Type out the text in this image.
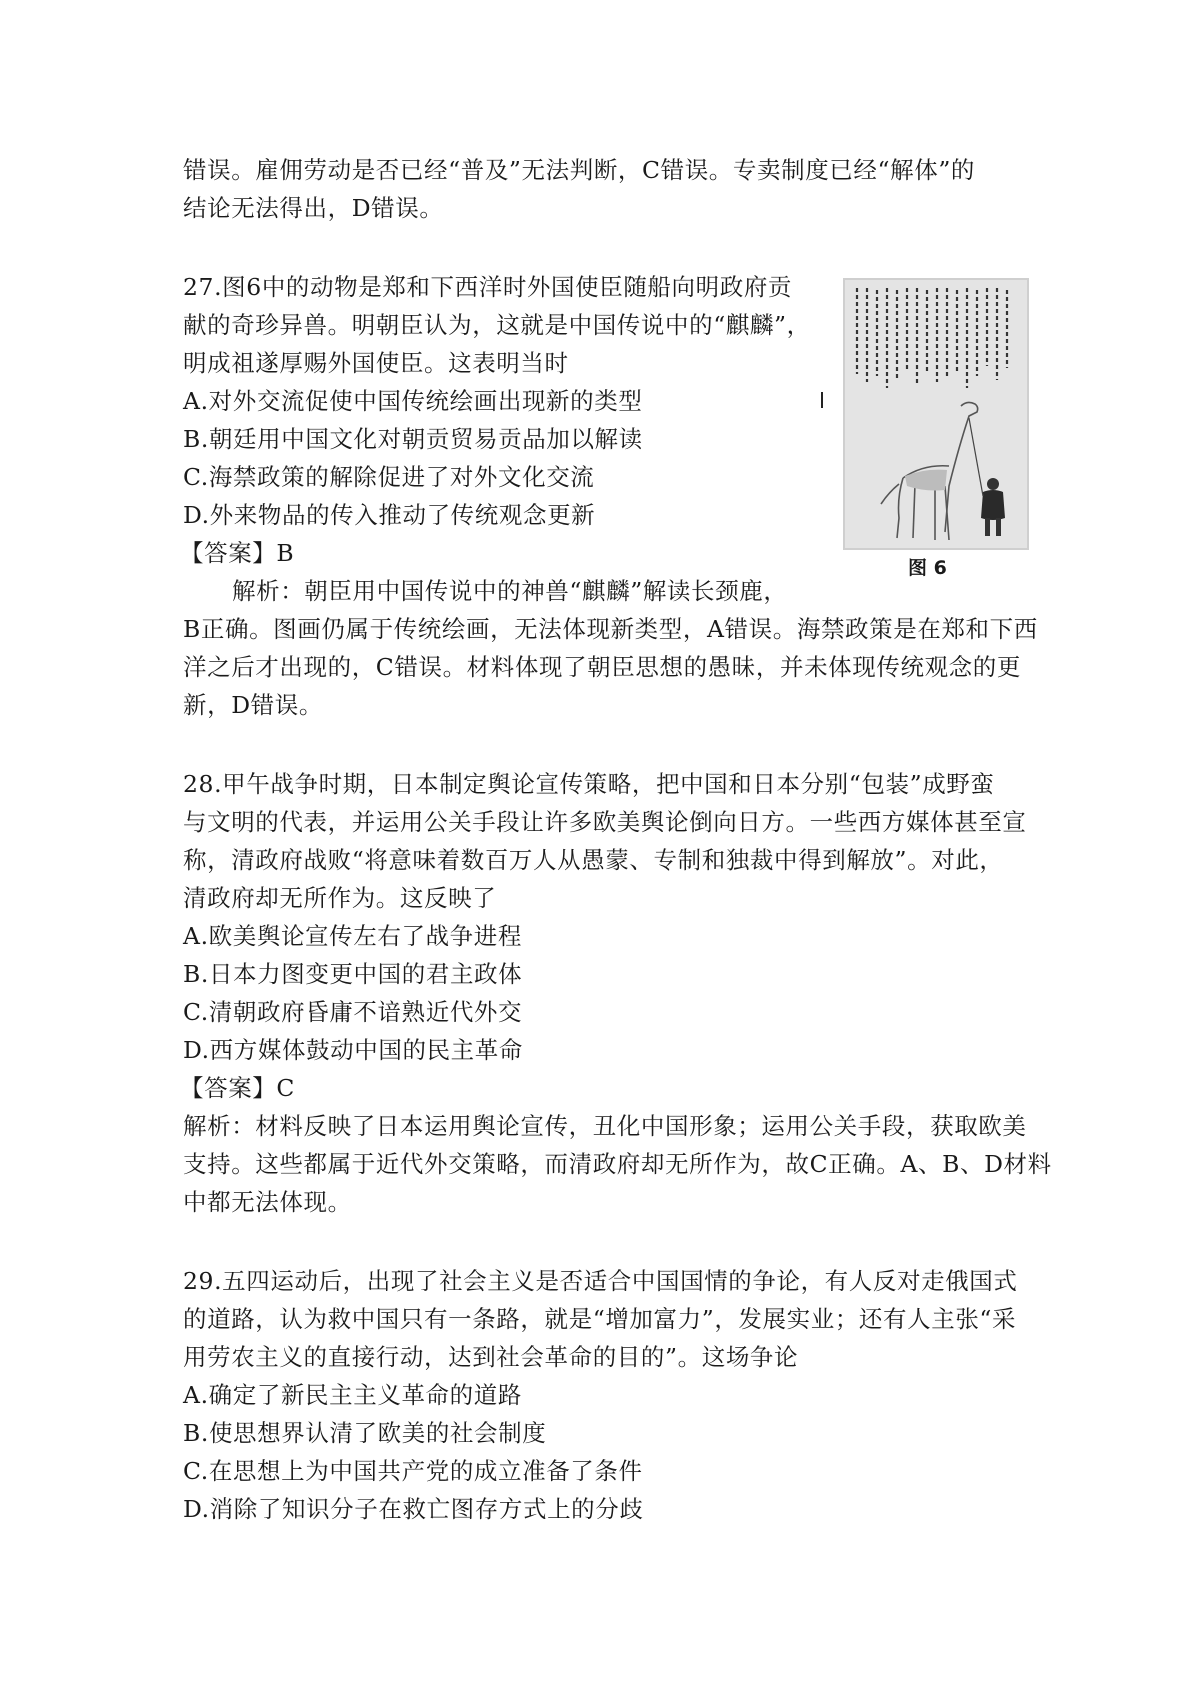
错误。雇佣劳动是否已经“普及”无法判断，C错误。专卖制度已经“解体”的
结论无法得出，D错误。
27.图6中的动物是郑和下西洋时外国使臣随船向明政府贡
献的奇珍异兽。明朝臣认为，这就是中国传说中的“麒麟”，
明成祖遂厚赐外国使臣。这表明当时
A.对外交流促使中国传统绘画出现新的类型
B.朝廷用中国文化对朝贡贸易贡品加以解读
C.海禁政策的解除促进了对外文化交流
D.外来物品的传入推动了传统观念更新
【答案】B
解析：朝臣用中国传说中的神兽“麒麟”解读长颈鹿，
B正确。图画仍属于传统绘画，无法体现新类型，A错误。海禁政策是在郑和下西
洋之后才出现的，C错误。材料体现了朝臣思想的愚昧，并未体现传统观念的更
新，D错误。
图 6
28.甲午战争时期，日本制定舆论宣传策略，把中国和日本分别“包装”成野蛮
与文明的代表，并运用公关手段让许多欧美舆论倒向日方。一些西方媒体甚至宣
称，清政府战败“将意味着数百万人从愚蒙、专制和独裁中得到解放”。对此，
清政府却无所作为。这反映了
A.欧美舆论宣传左右了战争进程
B.日本力图变更中国的君主政体
C.清朝政府昏庸不谙熟近代外交
D.西方媒体鼓动中国的民主革命
【答案】C
解析：材料反映了日本运用舆论宣传，丑化中国形象；运用公关手段，获取欧美
支持。这些都属于近代外交策略，而清政府却无所作为，故C正确。A、B、D材料
中都无法体现。
29.五四运动后，出现了社会主义是否适合中国国情的争论，有人反对走俄国式
的道路，认为救中国只有一条路，就是“增加富力”，发展实业；还有人主张“采
用劳农主义的直接行动，达到社会革命的目的”。这场争论
A.确定了新民主主义革命的道路
B.使思想界认清了欧美的社会制度
C.在思想上为中国共产党的成立准备了条件
D.消除了知识分子在救亡图存方式上的分歧
